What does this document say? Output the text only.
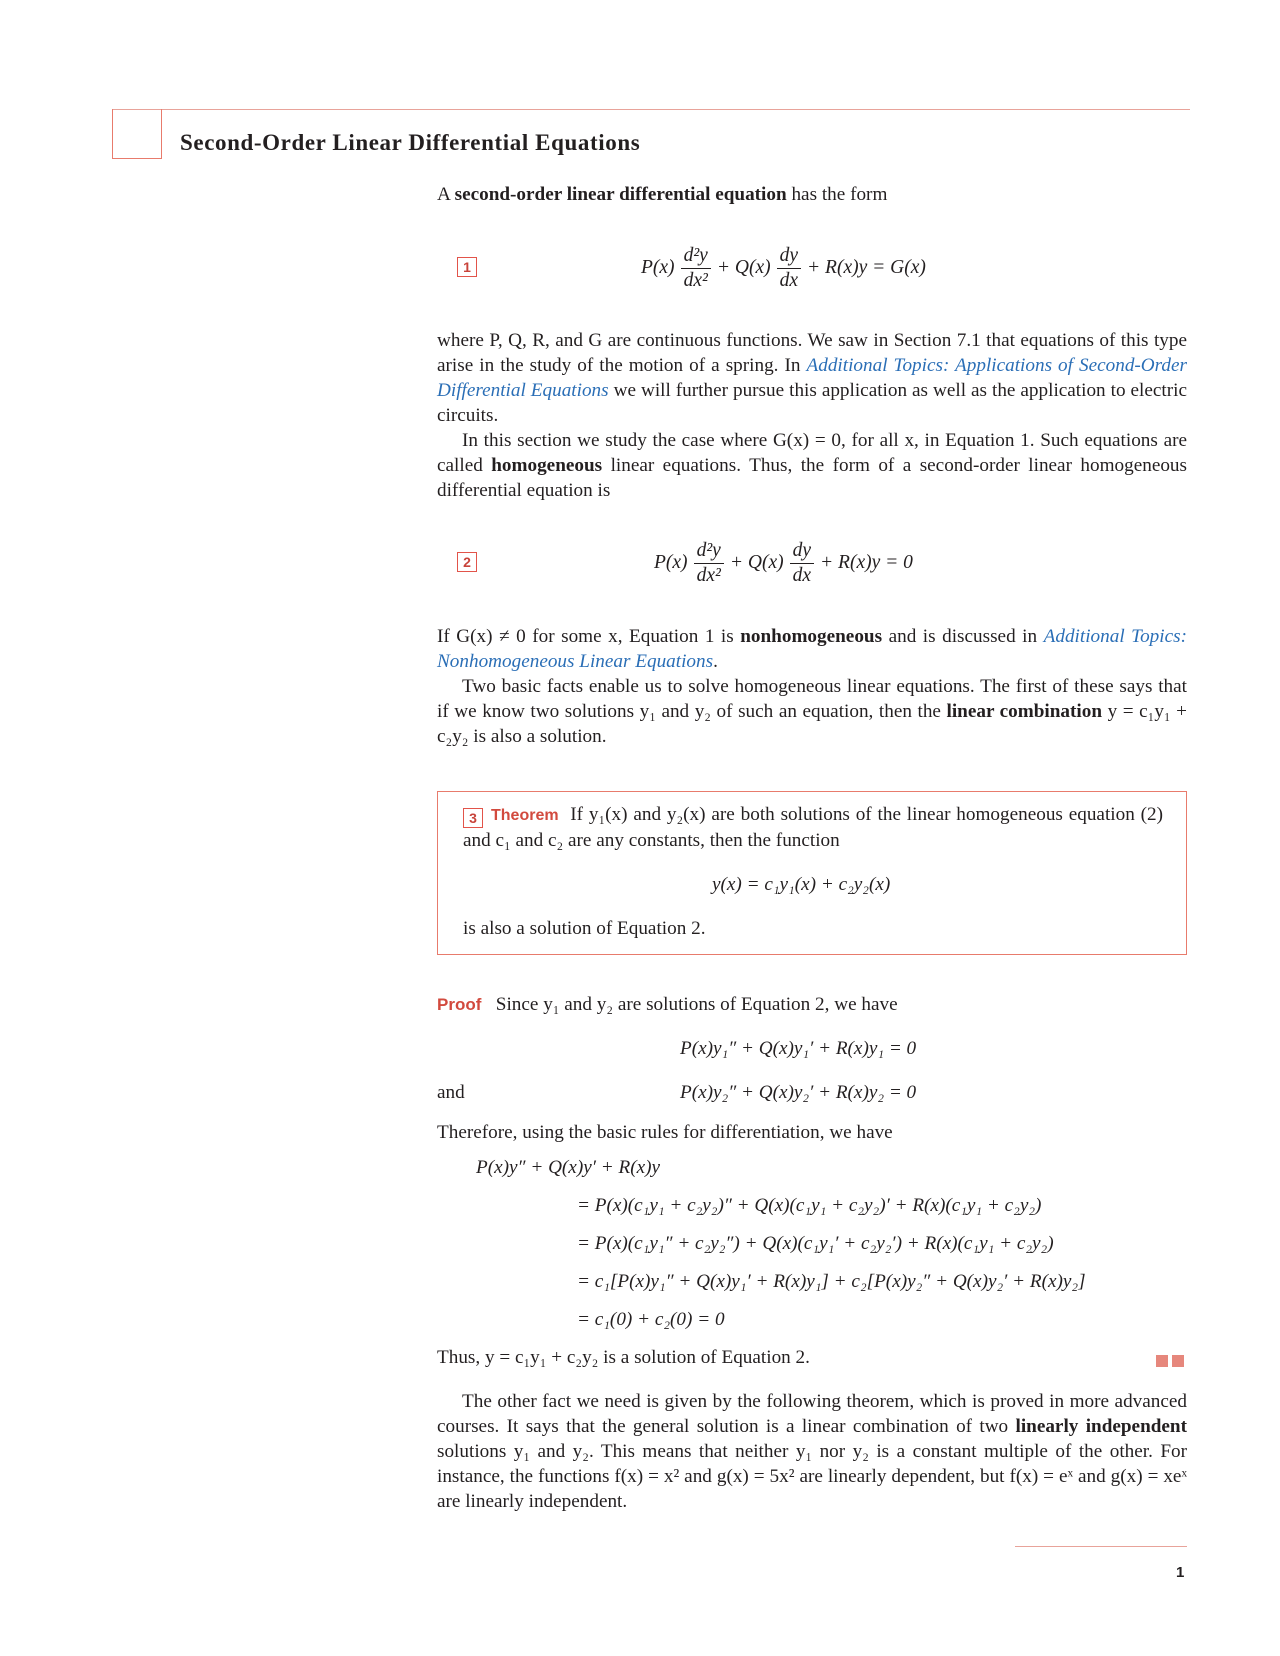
Second-Order Linear Differential Equations

A second-order linear differential equation has the form

1	$P(x) \frac{\text{d²y}}{\text{dx²}} + Q(x) \frac{dy}{dx} + R(x)y = G(x)$

where P, Q, R, and G are continuous functions. We saw in Section 7.1 that equations of this type arise in the study of the motion of a spring. In Additional Topics: Applications of Second-Order Differential Equations we will further pursue this application as well as the application to electric circuits.

In this section we study the case where G(x) = 0, for all x, in Equation 1. Such equations are called homogeneous linear equations. Thus, the form of a second-order linear homogeneous differential equation is

2	$P(x) \frac{\text{d²y}}{\text{dx²}} + Q(x) \frac{dy}{dx} + R(x)y = 0$

If G(x) ≠ 0 for some x, Equation 1 is nonhomogeneous and is discussed in Additional Topics: Nonhomogeneous Linear Equations.

Two basic facts enable us to solve homogeneous linear equations. The first of these says that if we know two solutions y₁ and y₂ of such an equation, then the linear combination y = c₁y₁ + c₂y₂ is also a solution.

3 Theorem If y₁(x) and y₂(x) are both solutions of the linear homogeneous equation (2) and c₁ and c₂ are any constants, then the function

y(x) = c₁y₁(x) + c₂y₂(x)
is also a solution of Equation 2.
Proof Since y₁ and y₂ are solutions of Equation 2, we have
P(x)y₁″ + Q(x)y₁′ + R(x)y₁ = 0
and	P(x)y₂″ + Q(x)y₂′ + R(x)y₂ = 0
Therefore, using the basic rules for differentiation, we have
P(x)y″ + Q(x)y′ + R(x)y
= P(x)(c₁y₁ + c₂y₂)″ + Q(x)(c₁y₁ + c₂y₂)′ + R(x)(c₁y₁ + c₂y₂)
= P(x)(c₁y₁″ + c₂y₂″) + Q(x)(c₁y₁′ + c₂y₂′) + R(x)(c₁y₁ + c₂y₂)
= c₁[P(x)y₁″ + Q(x)y₁′ + R(x)y₁] + c₂[P(x)y₂″ + Q(x)y₂′ + R(x)y₂]
= c₁(0) + c₂(0) = 0
Thus, y = c₁y₁ + c₂y₂ is a solution of Equation 2.

The other fact we need is given by the following theorem, which is proved in more advanced courses. It says that the general solution is a linear combination of two linearly independent solutions y₁ and y₂. This means that neither y₁ nor y₂ is a constant multiple of the other. For instance, the functions f(x) = x² and g(x) = 5x² are linearly dependent, but f(x) = eˣ and g(x) = xeˣ are linearly independent.

1
